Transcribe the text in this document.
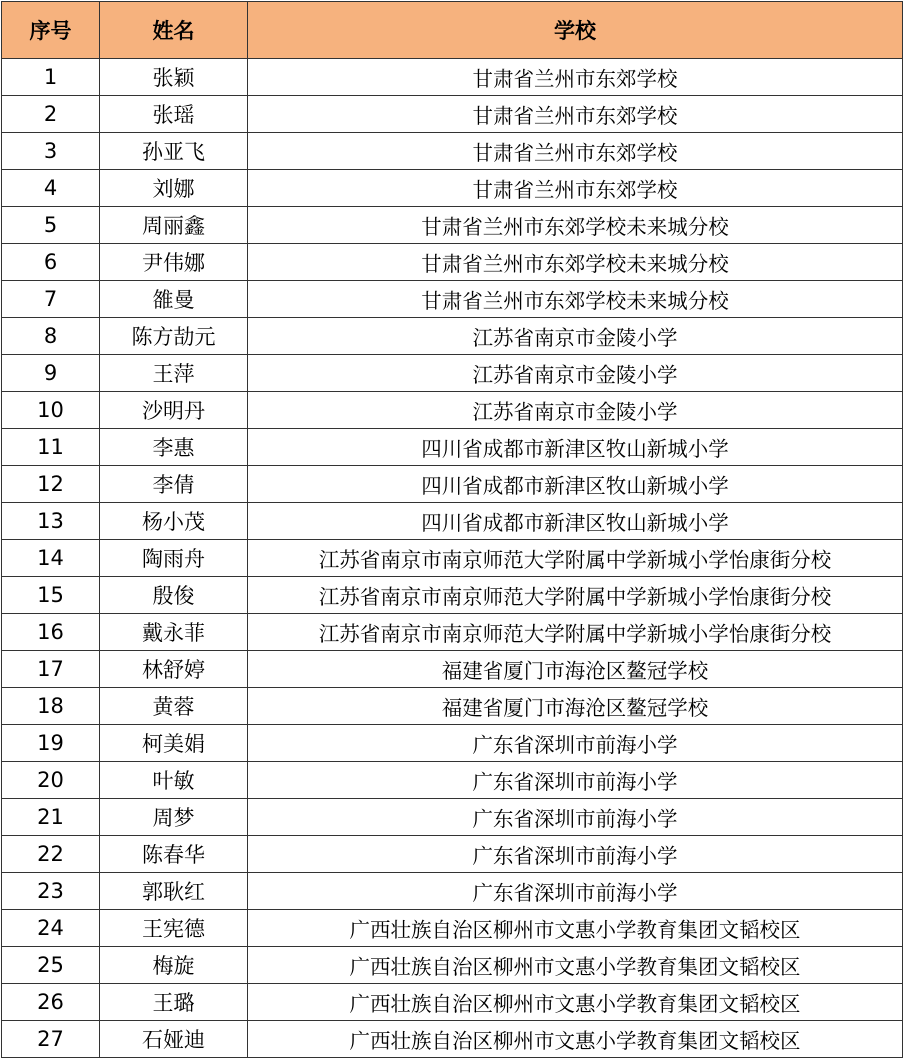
序号	姓名	学校
1	张颖	甘肃省兰州市东郊学校
2	张瑶	甘肃省兰州市东郊学校
3	孙亚飞	甘肃省兰州市东郊学校
4	刘娜	甘肃省兰州市东郊学校
5	周丽鑫	甘肃省兰州市东郊学校未来城分校
6	尹伟娜	甘肃省兰州市东郊学校未来城分校
7	雒曼	甘肃省兰州市东郊学校未来城分校
8	陈方劼元	江苏省南京市金陵小学
9	王萍	江苏省南京市金陵小学
10	沙明丹	江苏省南京市金陵小学
11	李惠	四川省成都市新津区牧山新城小学
12	李倩	四川省成都市新津区牧山新城小学
13	杨小茂	四川省成都市新津区牧山新城小学
14	陶雨舟	江苏省南京市南京师范大学附属中学新城小学怡康街分校
15	殷俊	江苏省南京市南京师范大学附属中学新城小学怡康街分校
16	戴永菲	江苏省南京市南京师范大学附属中学新城小学怡康街分校
17	林舒婷	福建省厦门市海沧区鳌冠学校
18	黄蓉	福建省厦门市海沧区鳌冠学校
19	柯美娟	广东省深圳市前海小学
20	叶敏	广东省深圳市前海小学
21	周梦	广东省深圳市前海小学
22	陈春华	广东省深圳市前海小学
23	郭耿红	广东省深圳市前海小学
24	王宪德	广西壮族自治区柳州市文惠小学教育集团文韬校区
25	梅旋	广西壮族自治区柳州市文惠小学教育集团文韬校区
26	王璐	广西壮族自治区柳州市文惠小学教育集团文韬校区
27	石娅迪	广西壮族自治区柳州市文惠小学教育集团文韬校区
